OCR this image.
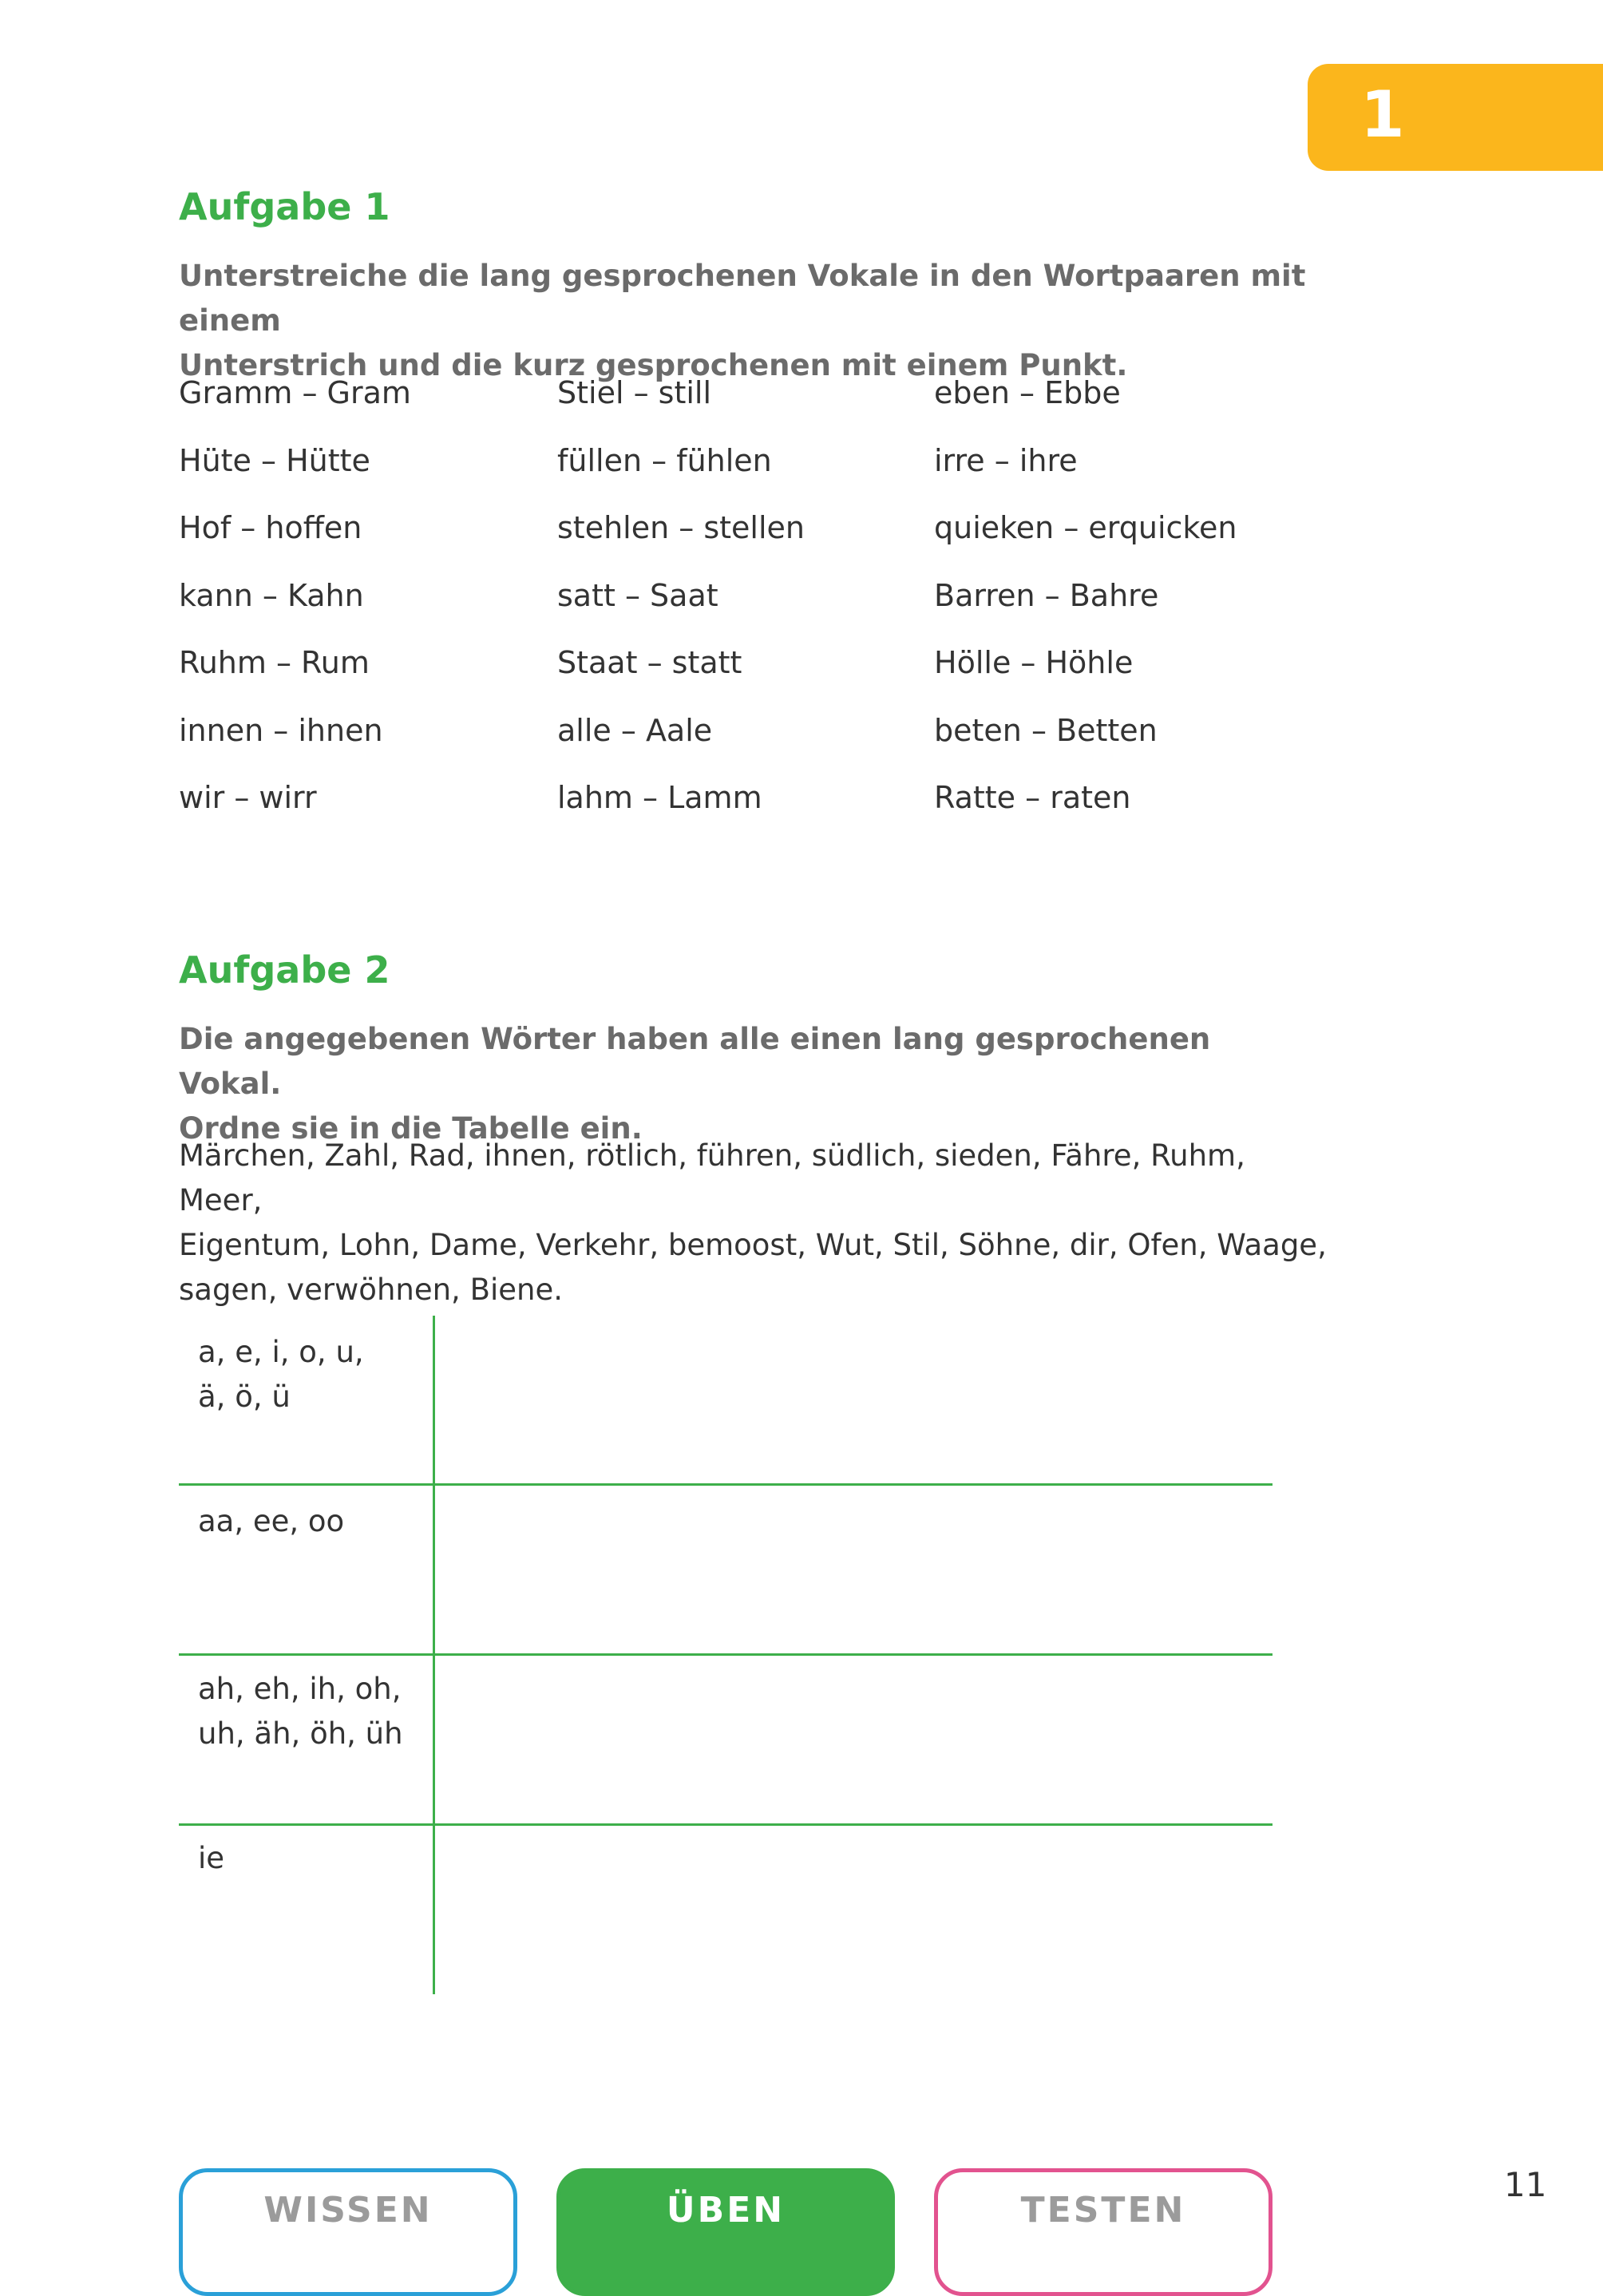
1
Aufgabe 1
Unterstreiche die lang gesprochenen Vokale in den Wortpaaren mit einem
Unterstrich und die kurz gesprochenen mit einem Punkt.
Gramm – Gram
Hüte – Hütte
Hof – hoffen
kann – Kahn
Ruhm – Rum
innen – ihnen
wir – wirr
Stiel – still
füllen – fühlen
stehlen – stellen
satt – Saat
Staat – statt
alle – Aale
lahm – Lamm
eben – Ebbe
irre – ihre
quieken – erquicken
Barren – Bahre
Hölle – Höhle
beten – Betten
Ratte – raten
Aufgabe 2
Die angegebenen Wörter haben alle einen lang gesprochenen Vokal.
Ordne sie in die Tabelle ein.
Märchen, Zahl, Rad, ihnen, rötlich, führen, südlich, sieden, Fähre, Ruhm, Meer,
Eigentum, Lohn, Dame, Verkehr, bemoost, Wut, Stil, Söhne, dir, Ofen, Waage,
sagen, verwöhnen, Biene.
a, e, i, o, u,
ä, ö, ü
aa, ee, oo
ah, eh, ih, oh,
uh, äh, öh, üh
ie
WISSEN	ÜBEN	TESTEN
11
